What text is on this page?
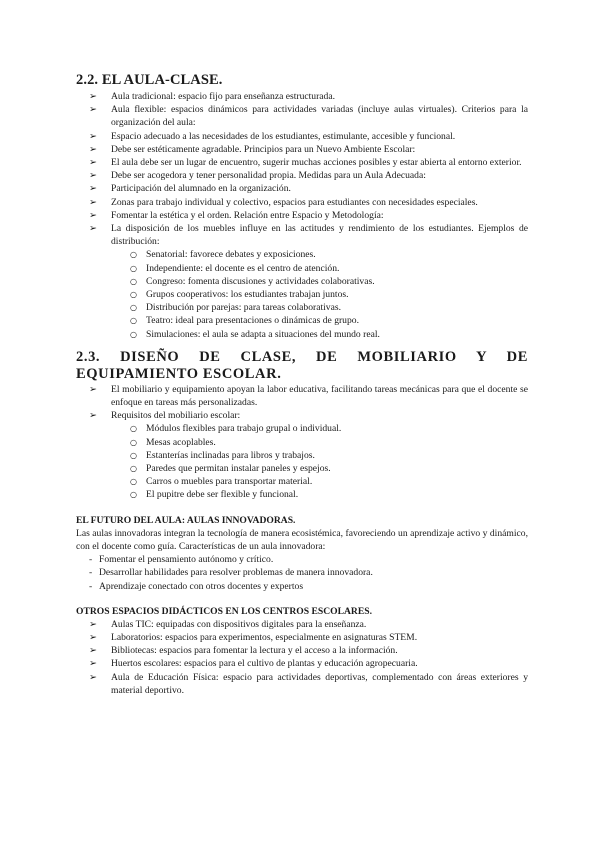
2.2. EL AULA-CLASE.
➢ Aula tradicional: espacio fijo para enseñanza estructurada.
➢ Aula flexible: espacios dinámicos para actividades variadas (incluye aulas virtuales). Criterios para la organización del aula:
➢ Espacio adecuado a las necesidades de los estudiantes, estimulante, accesible y funcional.
➢ Debe ser estéticamente agradable. Principios para un Nuevo Ambiente Escolar:
➢ El aula debe ser un lugar de encuentro, sugerir muchas acciones posibles y estar abierta al entorno exterior.
➢ Debe ser acogedora y tener personalidad propia. Medidas para un Aula Adecuada:
➢ Participación del alumnado en la organización.
➢ Zonas para trabajo individual y colectivo, espacios para estudiantes con necesidades especiales.
➢ Fomentar la estética y el orden. Relación entre Espacio y Metodología:
➢ La disposición de los muebles influye en las actitudes y rendimiento de los estudiantes. Ejemplos de distribución:
○ Senatorial: favorece debates y exposiciones.
○ Independiente: el docente es el centro de atención.
○ Congreso: fomenta discusiones y actividades colaborativas.
○ Grupos cooperativos: los estudiantes trabajan juntos.
○ Distribución por parejas: para tareas colaborativas.
○ Teatro: ideal para presentaciones o dinámicas de grupo.
○ Simulaciones: el aula se adapta a situaciones del mundo real.
2.3. DISEÑO DE CLASE, DE MOBILIARIO Y DE EQUIPAMIENTO ESCOLAR.
➢ El mobiliario y equipamiento apoyan la labor educativa, facilitando tareas mecánicas para que el docente se enfoque en tareas más personalizadas.
➢ Requisitos del mobiliario escolar:
○ Módulos flexibles para trabajo grupal o individual.
○ Mesas acoplables.
○ Estanterías inclinadas para libros y trabajos.
○ Paredes que permitan instalar paneles y espejos.
○ Carros o muebles para transportar material.
○ El pupitre debe ser flexible y funcional.
EL FUTURO DEL AULA: AULAS INNOVADORAS.

Las aulas innovadoras integran la tecnología de manera ecosistémica, favoreciendo un aprendizaje activo y dinámico, con el docente como guía. Características de un aula innovadora:

- Fomentar el pensamiento autónomo y crítico.
- Desarrollar habilidades para resolver problemas de manera innovadora.
- Aprendizaje conectado con otros docentes y expertos
OTROS ESPACIOS DIDÁCTICOS EN LOS CENTROS ESCOLARES.
➢ Aulas TIC: equipadas con dispositivos digitales para la enseñanza.
➢ Laboratorios: espacios para experimentos, especialmente en asignaturas STEM.
➢ Bibliotecas: espacios para fomentar la lectura y el acceso a la información.
➢ Huertos escolares: espacios para el cultivo de plantas y educación agropecuaria.
➢ Aula de Educación Física: espacio para actividades deportivas, complementado con áreas exteriores y material deportivo.
